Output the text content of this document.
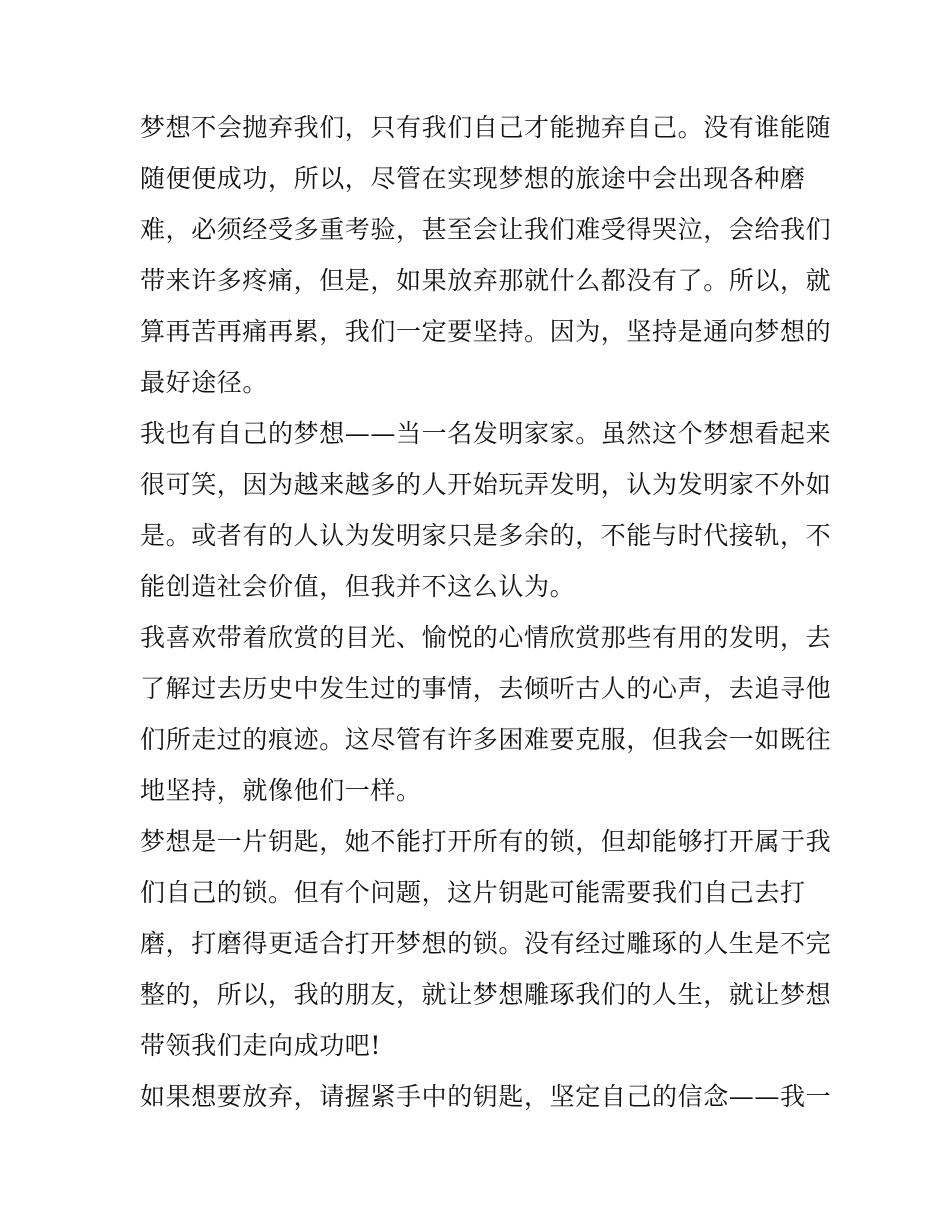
梦想不会抛弃我们，只有我们自己才能抛弃自己。没有谁能随

随便便成功，所以，尽管在实现梦想的旅途中会出现各种磨

难，必须经受多重考验，甚至会让我们难受得哭泣，会给我们

带来许多疼痛，但是，如果放弃那就什么都没有了。所以，就

算再苦再痛再累，我们一定要坚持。因为，坚持是通向梦想的

最好途径。

我也有自己的梦想——当一名发明家家。虽然这个梦想看起来

很可笑，因为越来越多的人开始玩弄发明，认为发明家不外如

是。或者有的人认为发明家只是多余的，不能与时代接轨，不

能创造社会价值，但我并不这么认为。

我喜欢带着欣赏的目光、愉悦的心情欣赏那些有用的发明，去

了解过去历史中发生过的事情，去倾听古人的心声，去追寻他

们所走过的痕迹。这尽管有许多困难要克服，但我会一如既往

地坚持，就像他们一样。

梦想是一片钥匙，她不能打开所有的锁，但却能够打开属于我

们自己的锁。但有个问题，这片钥匙可能需要我们自己去打

磨，打磨得更适合打开梦想的锁。没有经过雕琢的人生是不完

整的，所以，我的朋友，就让梦想雕琢我们的人生，就让梦想

带领我们走向成功吧!

如果想要放弃，请握紧手中的钥匙，坚定自己的信念——我一
